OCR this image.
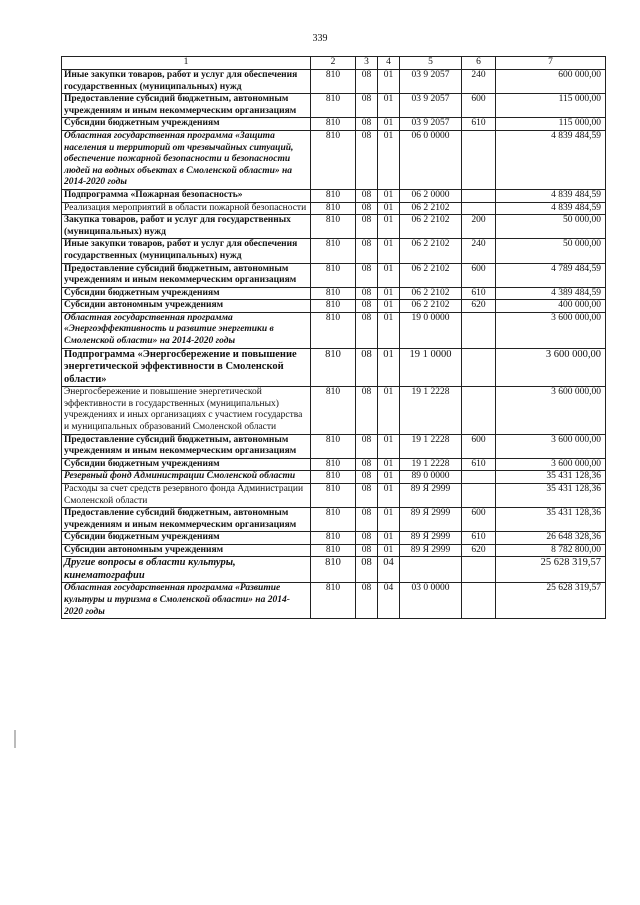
339
1	2	3	4	5	6	7
Иные закупки товаров, работ и услуг для обеспечения государственных (муниципальных) нужд	810	08	01	03 9 2057	240	600 000,00
Предоставление субсидий бюджетным, автономным учреждениям и иным некоммерческим организациям	810	08	01	03 9 2057	600	115 000,00
Субсидии бюджетным учреждениям	810	08	01	03 9 2057	610	115 000,00
Областная государственная программа «Защита населения и территорий от чрезвычайных ситуаций, обеспечение пожарной безопасности и безопасности людей на водных объектах в Смоленской области» на 2014-2020 годы	810	08	01	06 0 0000		4 839 484,59
Подпрограмма «Пожарная безопасность»	810	08	01	06 2 0000		4 839 484,59
Реализация мероприятий в области пожарной безопасности	810	08	01	06 2 2102		4 839 484,59
Закупка товаров, работ и услуг для государственных (муниципальных) нужд	810	08	01	06 2 2102	200	50 000,00
Иные закупки товаров, работ и услуг для обеспечения государственных (муниципальных) нужд	810	08	01	06 2 2102	240	50 000,00
Предоставление субсидий бюджетным, автономным учреждениям и иным некоммерческим организациям	810	08	01	06 2 2102	600	4 789 484,59
Субсидии бюджетным учреждениям	810	08	01	06 2 2102	610	4 389 484,59
Субсидии автономным учреждениям	810	08	01	06 2 2102	620	400 000,00
Областная государственная программа «Энергоэффективность и развитие энергетики в Смоленской области» на 2014-2020 годы	810	08	01	19 0 0000		3 600 000,00
Подпрограмма «Энергосбережение и повышение энергетической эффективности в Смоленской области»	810	08	01	19 1 0000		3 600 000,00
Энергосбережение и повышение энергетической эффективности в государственных (муниципальных) учреждениях и иных организациях с участием государства и муниципальных образований Смоленской области	810	08	01	19 1 2228		3 600 000,00
Предоставление субсидий бюджетным, автономным учреждениям и иным некоммерческим организациям	810	08	01	19 1 2228	600	3 600 000,00
Субсидии бюджетным учреждениям	810	08	01	19 1 2228	610	3 600 000,00
Резервный фонд Администрации Смоленской области	810	08	01	89 0 0000		35 431 128,36
Расходы за счет средств резервного фонда Администрации Смоленской области	810	08	01	89 Я 2999		35 431 128,36
Предоставление субсидий бюджетным, автономным учреждениям и иным некоммерческим организациям	810	08	01	89 Я 2999	600	35 431 128,36
Субсидии бюджетным учреждениям	810	08	01	89 Я 2999	610	26 648 328,36
Субсидии автономным учреждениям	810	08	01	89 Я 2999	620	8 782 800,00
Другие вопросы в области культуры, кинематографии	810	08	04			25 628 319,57
Областная государственная программа «Развитие культуры и туризма в Смоленской области» на 2014-2020 годы	810	08	04	03 0 0000		25 628 319,57
